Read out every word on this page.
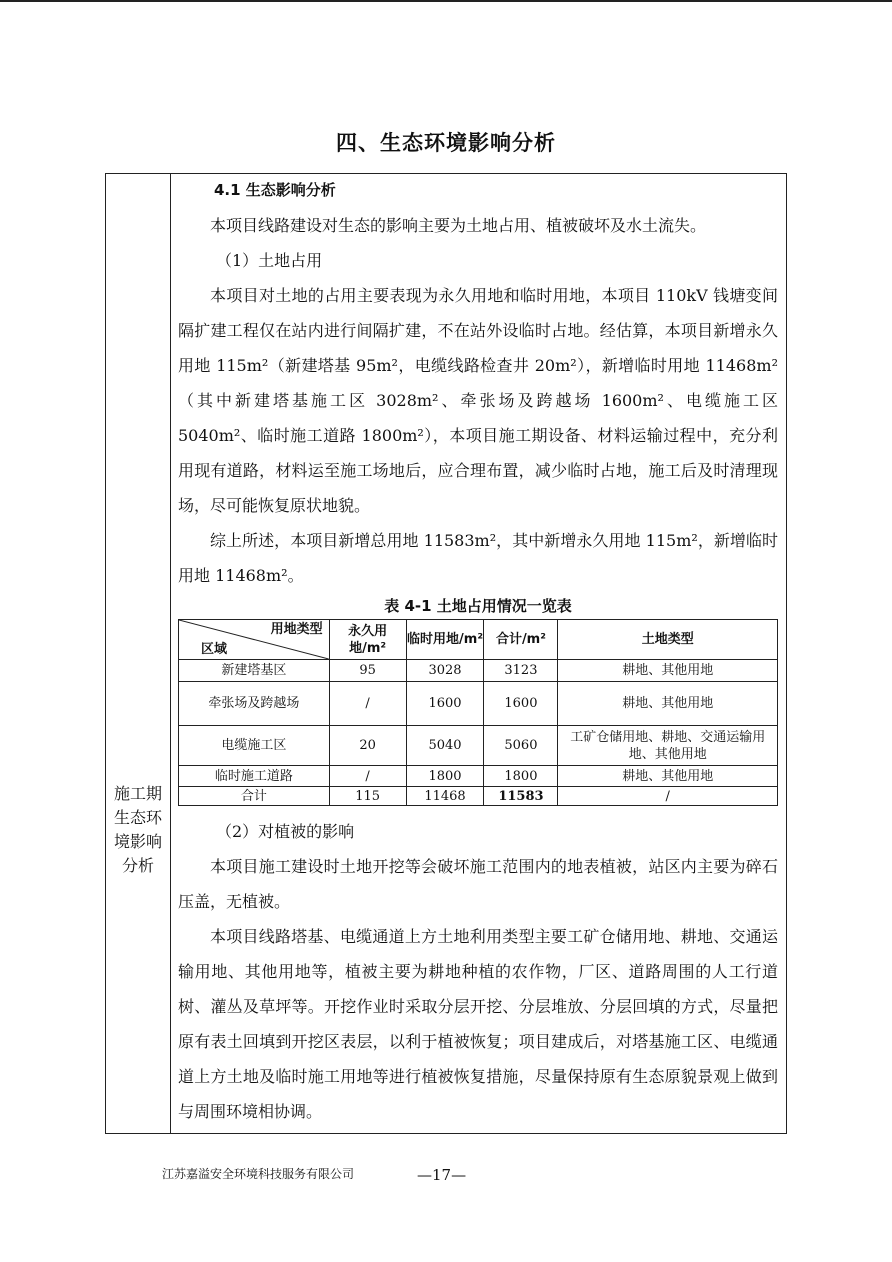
四、生态环境影响分析
施工期
生态环
境影响
分析

4.1 生态影响分析

本项目线路建设对生态的影响主要为土地占用、植被破坏及水土流失。

（1）土地占用

本项目对土地的占用主要表现为永久用地和临时用地，本项目 110kV 钱塘变间隔扩建工程仅在站内进行间隔扩建，不在站外设临时占地。经估算，本项目新增永久用地 115m²（新建塔基 95m²，电缆线路检查井 20m²），新增临时用地 11468m²（其中新建塔基施工区 3028m²、牵张场及跨越场 1600m²、电缆施工区 5040m²、临时施工道路 1800m²），本项目施工期设备、材料运输过程中，充分利用现有道路，材料运至施工场地后，应合理布置，减少临时占地，施工后及时清理现场，尽可能恢复原状地貌。

综上所述，本项目新增总用地 11583m²，其中新增永久用地 115m²，新增临时用地 11468m²。

表 4-1 土地占用情况一览表
用地类型
区域	永久用地/m²	临时用地/m²	合计/m²	土地类型
新建塔基区	95	3028	3123	耕地、其他用地
牵张场及跨越场	/	1600	1600	耕地、其他用地
电缆施工区	20	5040	5060	工矿仓储用地、耕地、交通运输用地、其他用地
临时施工道路	/	1800	1800	耕地、其他用地
合计	115	11468	11583	/

（2）对植被的影响

本项目施工建设时土地开挖等会破坏施工范围内的地表植被，站区内主要为碎石压盖，无植被。

本项目线路塔基、电缆通道上方土地利用类型主要工矿仓储用地、耕地、交通运输用地、其他用地等，植被主要为耕地种植的农作物，厂区、道路周围的人工行道树、灌丛及草坪等。开挖作业时采取分层开挖、分层堆放、分层回填的方式，尽量把原有表土回填到开挖区表层，以利于植被恢复；项目建成后，对塔基施工区、电缆通道上方土地及临时施工用地等进行植被恢复措施，尽量保持原有生态原貌景观上做到与周围环境相协调。

江苏嘉溢安全环境科技服务有限公司	—17—
